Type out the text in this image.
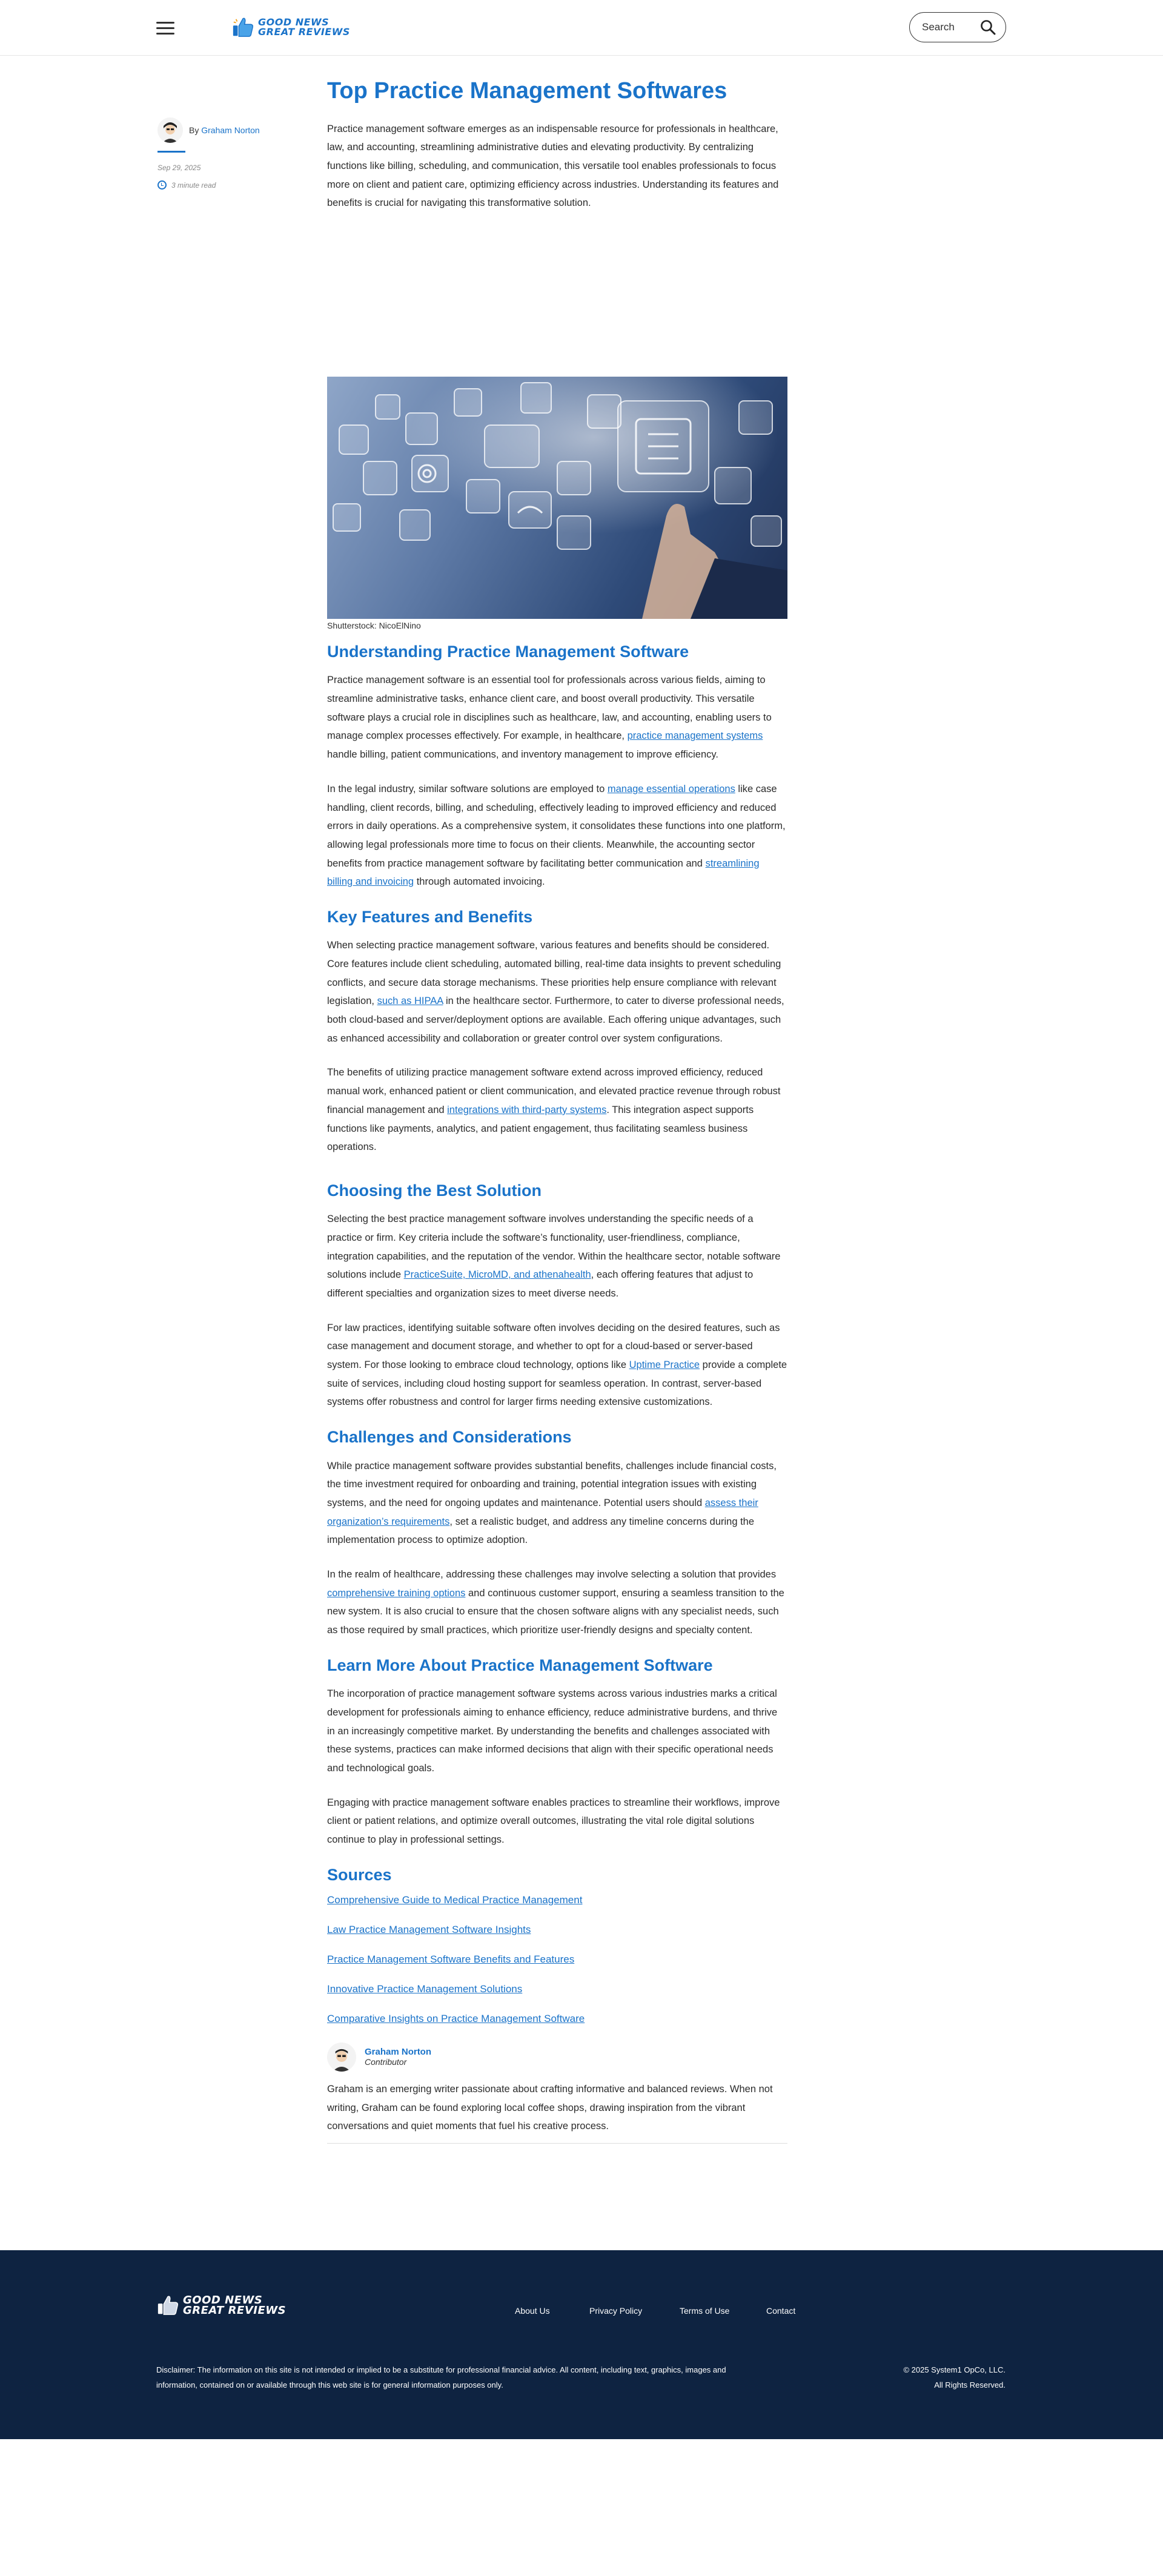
GOOD NEWS
GREAT REVIEWS
Search
By Graham Norton
Sep 29, 2025
3 minute read
Top Practice Management Softwares

Practice management software emerges as an indispensable resource for professionals in healthcare, law, and accounting, streamlining administrative duties and elevating productivity. By centralizing functions like billing, scheduling, and communication, this versatile tool enables professionals to focus more on client and patient care, optimizing efficiency across industries. Understanding its features and benefits is crucial for navigating this transformative solution.

Shutterstock: NicoElNino
Understanding Practice Management Software

Practice management software is an essential tool for professionals across various fields, aiming to streamline administrative tasks, enhance client care, and boost overall productivity. This versatile software plays a crucial role in disciplines such as healthcare, law, and accounting, enabling users to manage complex processes effectively. For example, in healthcare, practice management systems handle billing, patient communications, and inventory management to improve efficiency.

In the legal industry, similar software solutions are employed to manage essential operations like case handling, client records, billing, and scheduling, effectively leading to improved efficiency and reduced errors in daily operations. As a comprehensive system, it consolidates these functions into one platform, allowing legal professionals more time to focus on their clients. Meanwhile, the accounting sector benefits from practice management software by facilitating better communication and streamlining billing and invoicing through automated invoicing.

Key Features and Benefits

When selecting practice management software, various features and benefits should be considered. Core features include client scheduling, automated billing, real-time data insights to prevent scheduling conflicts, and secure data storage mechanisms. These priorities help ensure compliance with relevant legislation, such as HIPAA in the healthcare sector. Furthermore, to cater to diverse professional needs, both cloud-based and server/deployment options are available. Each offering unique advantages, such as enhanced accessibility and collaboration or greater control over system configurations.

The benefits of utilizing practice management software extend across improved efficiency, reduced manual work, enhanced patient or client communication, and elevated practice revenue through robust financial management and integrations with third-party systems. This integration aspect supports functions like payments, analytics, and patient engagement, thus facilitating seamless business operations.

Choosing the Best Solution

Selecting the best practice management software involves understanding the specific needs of a practice or firm. Key criteria include the software’s functionality, user-friendliness, compliance, integration capabilities, and the reputation of the vendor. Within the healthcare sector, notable software solutions include PracticeSuite, MicroMD, and athenahealth, each offering features that adjust to different specialties and organization sizes to meet diverse needs.

For law practices, identifying suitable software often involves deciding on the desired features, such as case management and document storage, and whether to opt for a cloud-based or server-based system. For those looking to embrace cloud technology, options like Uptime Practice provide a complete suite of services, including cloud hosting support for seamless operation. In contrast, server-based systems offer robustness and control for larger firms needing extensive customizations.

Challenges and Considerations

While practice management software provides substantial benefits, challenges include financial costs, the time investment required for onboarding and training, potential integration issues with existing systems, and the need for ongoing updates and maintenance. Potential users should assess their organization’s requirements, set a realistic budget, and address any timeline concerns during the implementation process to optimize adoption.

In the realm of healthcare, addressing these challenges may involve selecting a solution that provides comprehensive training options and continuous customer support, ensuring a seamless transition to the new system. It is also crucial to ensure that the chosen software aligns with any specialist needs, such as those required by small practices, which prioritize user-friendly designs and specialty content.

Learn More About Practice Management Software

The incorporation of practice management software systems across various industries marks a critical development for professionals aiming to enhance efficiency, reduce administrative burdens, and thrive in an increasingly competitive market. By understanding the benefits and challenges associated with these systems, practices can make informed decisions that align with their specific operational needs and technological goals.

Engaging with practice management software enables practices to streamline their workflows, improve client or patient relations, and optimize overall outcomes, illustrating the vital role digital solutions continue to play in professional settings.

Sources
Comprehensive Guide to Medical Practice Management
Law Practice Management Software Insights
Practice Management Software Benefits and Features
Innovative Practice Management Solutions
Comparative Insights on Practice Management Software
Graham Norton
Contributor

Graham is an emerging writer passionate about crafting informative and balanced reviews. When not writing, Graham can be found exploring local coffee shops, drawing inspiration from the vibrant conversations and quiet moments that fuel his creative process.

GOOD NEWS
GREAT REVIEWS	About Us	Privacy Policy	Terms of Use	Contact
Disclaimer: The information on this site is not intended or implied to be a substitute for professional financial advice. All content, including text, graphics, images and information, contained on or available through this web site is for general information purposes only.
© 2025 System1 OpCo, LLC.
All Rights Reserved.
